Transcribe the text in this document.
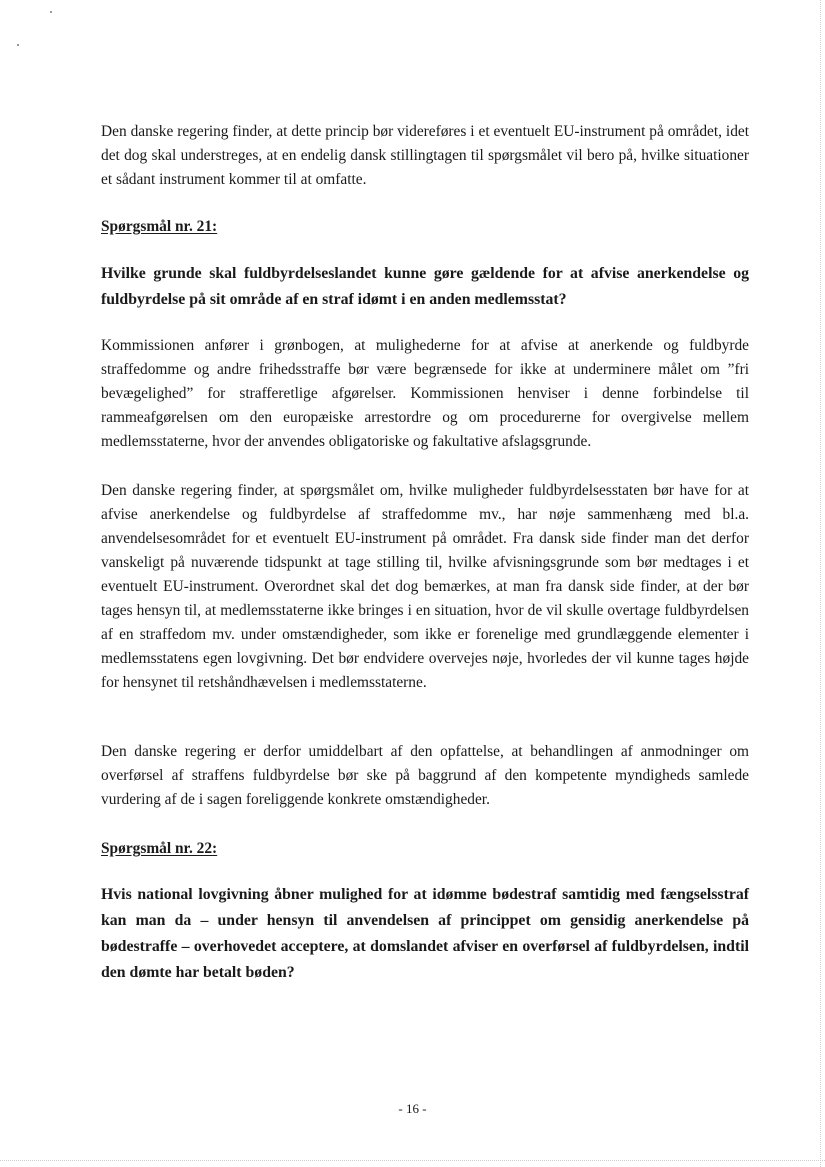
Den danske regering finder, at dette princip bør videreføres i et eventuelt EU-instrument på området, idet det dog skal understreges, at en endelig dansk stillingtagen til spørgsmålet vil bero på, hvilke situationer et sådant instrument kommer til at omfatte.

Spørgsmål nr. 21:

Hvilke grunde skal fuldbyrdelseslandet kunne gøre gældende for at afvise anerkendelse og fuldbyrdelse på sit område af en straf idømt i en anden medlemsstat?

Kommissionen anfører i grønbogen, at mulighederne for at afvise at anerkende og fuldbyrde straffedomme og andre frihedsstraffe bør være begrænsede for ikke at underminere målet om ”fri bevægelighed” for strafferetlige afgørelser. Kommissionen henviser i denne forbindelse til rammeafgørelsen om den europæiske arrestordre og om procedurerne for overgivelse mellem medlemsstaterne, hvor der anvendes obligatoriske og fakultative afslagsgrunde.

Den danske regering finder, at spørgsmålet om, hvilke muligheder fuldbyrdelsesstaten bør have for at afvise anerkendelse og fuldbyrdelse af straffedomme mv., har nøje sammenhæng med bl.a. anvendelsesområdet for et eventuelt EU-instrument på området. Fra dansk side finder man det derfor vanskeligt på nuværende tidspunkt at tage stilling til, hvilke afvisningsgrunde som bør medtages i et eventuelt EU-instrument. Overordnet skal det dog bemærkes, at man fra dansk side finder, at der bør tages hensyn til, at medlemsstaterne ikke bringes i en situation, hvor de vil skulle overtage fuldbyrdelsen af en straffedom mv. under omstændigheder, som ikke er forenelige med grundlæggende elementer i medlemsstatens egen lovgivning. Det bør endvidere overvejes nøje, hvorledes der vil kunne tages højde for hensynet til retshåndhævelsen i medlemsstaterne.

Den danske regering er derfor umiddelbart af den opfattelse, at behandlingen af anmodninger om overførsel af straffens fuldbyrdelse bør ske på baggrund af den kompetente myndigheds samlede vurdering af de i sagen foreliggende konkrete omstændigheder.

Spørgsmål nr. 22:

Hvis national lovgivning åbner mulighed for at idømme bødestraf samtidig med fængselsstraf kan man da – under hensyn til anvendelsen af princippet om gensidig anerkendelse på bødestraffe – overhovedet acceptere, at domslandet afviser en overførsel af fuldbyrdelsen, indtil den dømte har betalt bøden?

- 16 -
